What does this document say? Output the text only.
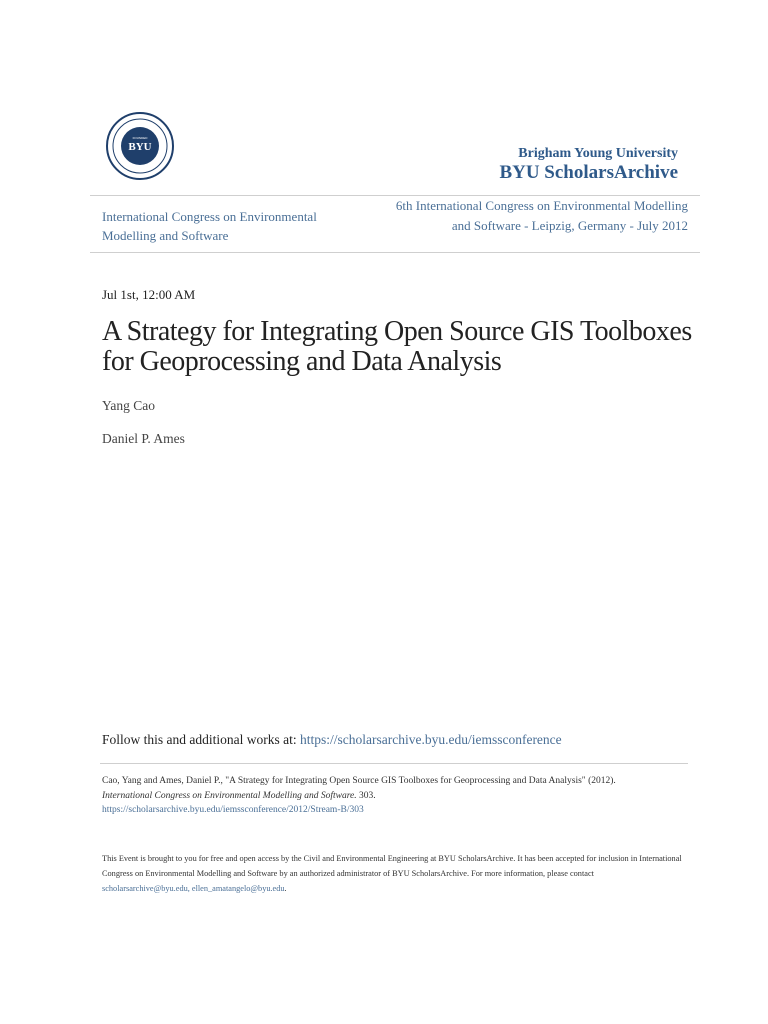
BYU
FOUNDED
Brigham Young University
BYU ScholarsArchive
International Congress on Environmental Modelling and Software
6th International Congress on Environmental Modelling and Software - Leipzig, Germany - July 2012
Jul 1st, 12:00 AM
A Strategy for Integrating Open Source GIS Toolboxes for Geoprocessing and Data Analysis
Yang Cao
Daniel P. Ames
Follow this and additional works at: https://scholarsarchive.byu.edu/iemssconference
Cao, Yang and Ames, Daniel P., "A Strategy for Integrating Open Source GIS Toolboxes for Geoprocessing and Data Analysis" (2012).
International Congress on Environmental Modelling and Software. 303.
https://scholarsarchive.byu.edu/iemssconference/2012/Stream-B/303
This Event is brought to you for free and open access by the Civil and Environmental Engineering at BYU ScholarsArchive. It has been accepted for inclusion in International Congress on Environmental Modelling and Software by an authorized administrator of BYU ScholarsArchive. For more information, please contact scholarsarchive@byu.edu, ellen_amatangelo@byu.edu.
